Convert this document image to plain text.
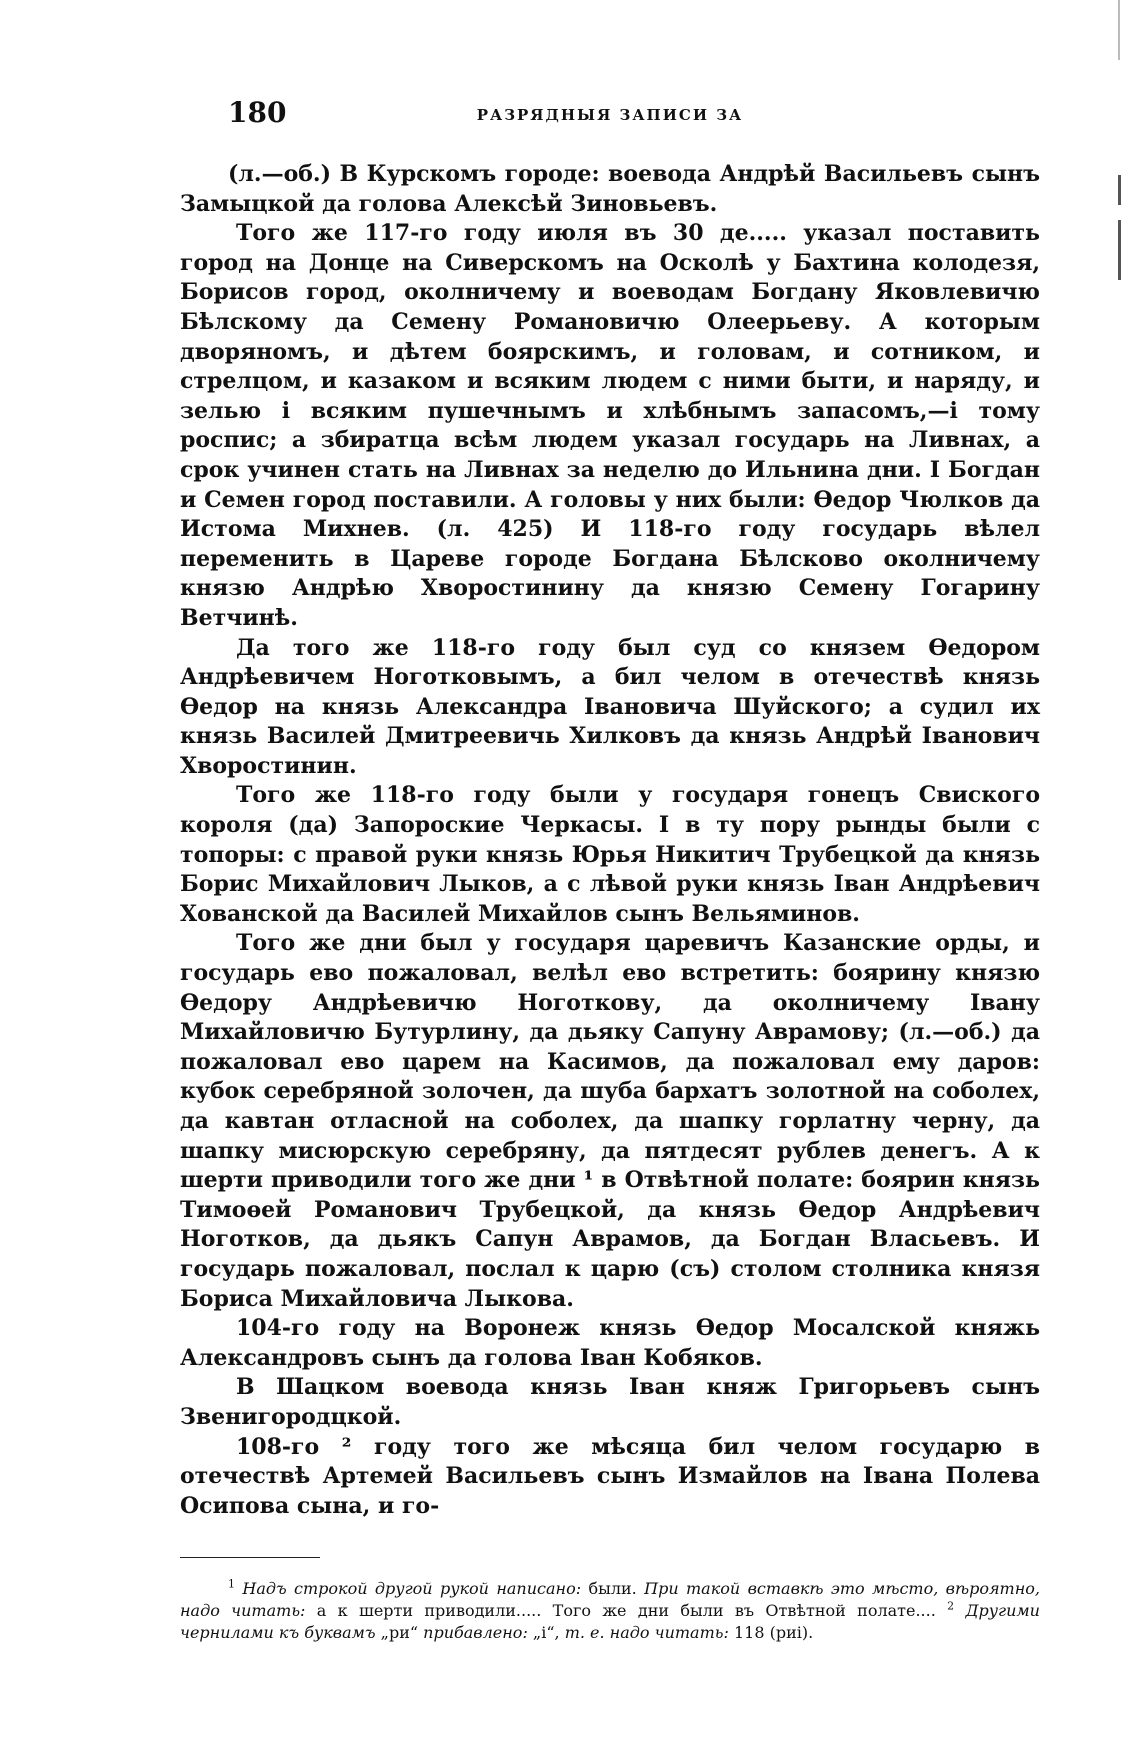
180	РАЗРЯДНЫЯ ЗАПИСИ ЗА

(л.—об.) В Курскомъ городе: воевода Андрѣй Васильевъ сынъ Замыцкой да голова Алексѣй Зиновьевъ.

Того же 117-го году июля въ 30 де..... указал поставить город на Донце на Сиверскомъ на Осколѣ у Бахтина колодезя, Борисов город, околничему и воеводам Богдану Яковлевичю Бѣлскому да Семену Романовичю Олеерьеву. А которым дворяномъ, и дѣтем боярскимъ, и головам, и сотником, и стрелцом, и казаком и всяким людем с ними быти, и наряду, и зелью і всяким пушечнымъ и хлѣбнымъ запасомъ,—і тому роспис; а збиратца всѣм людем указал государь на Ливнах, а срок учинен стать на Ливнах за неделю до Ильнина дни. І Богдан и Семен город поставили. А головы у них были: Өедор Чюлков да Истома Михнев. (л. 425) И 118-го году государь вѣлел переменить в Цареве городе Богдана Бѣлсково околничему князю Андрѣю Хворостинину да князю Семену Гогарину Ветчинѣ.

Да того же 118-го году был суд со князем Өедором Андрѣевичем Ноготковымъ, а бил челом в отечествѣ князь Өедор на князь Александра Івановича Шуйского; а судил их князь Василей Дмитреевичь Хилковъ да князь Андрѣй Іванович Хворостинин.

Того же 118-го году были у государя гонецъ Свиского короля (да) Запороские Черкасы. І в ту пору рынды были с топоры: с правой руки князь Юрья Никитич Трубецкой да князь Борис Михайлович Лыков, а с лѣвой руки князь Іван Андрѣевич Хованской да Василей Михайлов сынъ Вельяминов.

Того же дни был у государя царевичъ Казанские орды, и государь ево пожаловал, велѣл ево встретить: боярину князю Өедору Андрѣевичю Ноготкову, да околничему Івану Михайловичю Бутурлину, да дьяку Сапуну Аврамову; (л.—об.) да пожаловал ево царем на Касимов, да пожаловал ему даров: кубок серебряной золочен, да шуба бархатъ золотной на соболех, да кавтан отласной на соболех, да шапку горлатну черну, да шапку мисюрскую серебряну, да пятдесят рублев денегъ. А к шерти приводили того же дни ¹ в Отвѣтной полате: боярин князь Тимоөей Романович Трубецкой, да князь Өедор Андрѣевич Ноготков, да дьякъ Сапун Аврамов, да Богдан Власьевъ. И государь пожаловал, послал к царю (съ) столом столника князя Бориса Михайловича Лыкова.

104-го году на Воронеж князь Өедор Мосалской княжь Александровъ сынъ да голова Іван Кобяков.

В Шацком воевода князь Іван княж Григорьевъ сынъ Звенигородцкой.

108-го ² году того же мѣсяца бил челом государю в отечествѣ Артемей Васильевъ сынъ Измайлов на Івана Полева Осипова сына, и го-

$^1$ Надъ строкой другой рукой написано: были. При такой вставкѣ это мѣсто, вѣроятно, надо читать: а к шерти приводили..... Того же дни были въ Отвѣтной полате.... $^2$ Другими чернилами къ буквамъ „ри“ прибавлено: „і“, т. е. надо читать: 118 (риі).
